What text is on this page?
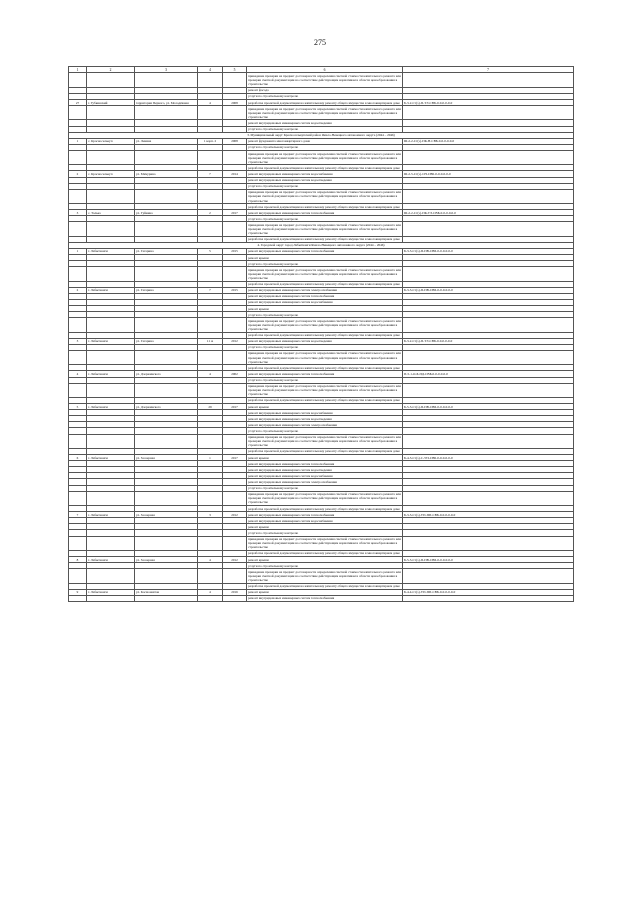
275
1	2	3	4	5	6	7
					приведение проверки на предмет достоверности определения сметной стоимости капитального ремонта или проверки сметной документации на соответствие действующим нормативам в области ценообразования в строительстве	
					ремонт фасада	
					услуги по строительному контролю	
27	г. Губкинский	территория Первого, ул. Молодёжная	4	2008	разработка проектной документации на капитальному ремонту общего имущества в многоквартирном доме	Б-3-2-Ст(э)-П-ТЭ-СВБ-0-0-0-0-0-0
					приведение проверки на предмет достоверности определения сметной стоимости капитального ремонта или проверки сметной документации на соответствие действующим нормативам в области ценообразования в строительстве	
					ремонт внутридомовых инженерных систем водоотведения	
					услуги по строительному контролю	
3. Муниципальный округ Красноселькупский район Ямало-Ненецкого автономного округа (2044 – 2046)						
1	с. Красноселькуп	ул. Ленина	1 корп. 2	2008	ремонт фундамента многоквартирного дома	Ш-2-2-Ст(э)-ПК-Н-СВБ-0-0-0-0-0-0
					услуги по строительному контролю	
					приведение проверки на предмет достоверности определения сметной стоимости капитального ремонта или проверки сметной документации на соответствие действующим нормативам в области ценообразования в строительстве	
					разработка проектной документации на капитальному ремонту общего имущества в многоквартирном доме	
2	с. Красноселькуп	ул. Мичурина	7	2014	ремонт внутридомовых инженерных систем водоснабжения	Ш-2-5-Ст(э)-СН-СВБ-0-0-0-0-0-0
					ремонт внутридомовых инженерных систем водоотведения	
					услуги по строительному контролю	
					приведение проверки на предмет достоверности определения сметной стоимости капитального ремонта или проверки сметной документации на соответствие действующим нормативам в области ценообразования в строительстве	
					разработка проектной документации на капитальному ремонту общего имущества в многоквартирном доме	
3	с. Толька	ул. Гуйкина	2	2017	ремонт внутридомовых инженерных систем теплоснабжения	Ш-2-2-Ст(э)-ПК-ТЭ-СВБ-0-0-0-0-0-0
					услуги по строительному контролю	
					приведение проверки на предмет достоверности определения сметной стоимости капитального ремонта или проверки сметной документации на соответствие действующим нормативам в области ценообразования в строительстве	
					разработка проектной документации на капитальному ремонту общего имущества в многоквартирном доме	
4. Городской округ город Лабытнанги Ямало-Ненецкого автономного округа (2044 – 2046)						
1	г. Лабытнанги	ул. Гагарина	5	2015	ремонт внутридомовых инженерных систем теплоснабжения	Б-3-3-Ст(э)-П-ПВ-СВБ-0-0-0-0-0-0
					ремонт крыши	
					услуги по строительному контролю	
					приведение проверки на предмет достоверности определения сметной стоимости капитального ремонта или проверки сметной документации на соответствие действующим нормативам в области ценообразования в строительстве	
					разработка проектной документации на капитальному ремонту общего имущества в многоквартирном доме	
2	г. Лабытнанги	ул. Гагарина	7	2015	ремонт внутридомовых инженерных систем электроснабжения	Б-3-3-Ст(э)-П-ПВ-СВБ-0-0-0-0-0-0
					ремонт внутридомовых инженерных систем теплоснабжения	
					ремонт внутридомовых инженерных систем водоснабжения	
					ремонт крыши	
					услуги по строительному контролю	
					приведение проверки на предмет достоверности определения сметной стоимости капитального ремонта или проверки сметной документации на соответствие действующим нормативам в области ценообразования в строительстве	
					разработка проектной документации на капитальному ремонту общего имущества в многоквартирном доме	
3	г. Лабытнанги	ул. Гагарина	11 А	2012	ремонт внутридомовых инженерных систем водоотведения	Б-3-2-Ст(э)-П-ТЭ-СВБ-0-0-0-0-0-0
					услуги по строительному контролю	
					приведение проверки на предмет достоверности определения сметной стоимости капитального ремонта или проверки сметной документации на соответствие действующим нормативам в области ценообразования в строительстве	
					разработка проектной документации на капитальному ремонту общего имущества в многоквартирном доме	
4	г. Лабытнанги	ул. Дзержинского	4	2002	ремонт внутридомовых инженерных систем теплоснабжения	П-5-1-О-Б-ПД-СВБ-0-0-0-0-0-0
					услуги по строительному контролю	
					приведение проверки на предмет достоверности определения сметной стоимости капитального ремонта или проверки сметной документации на соответствие действующим нормативам в области ценообразования в строительстве	
					разработка проектной документации на капитальному ремонту общего имущества в многоквартирном доме	
5	г. Лабытнанги	ул. Дзержинского	29	2017	ремонт крыши	Б-5-3-Ст(э)-П-ПВ-СВБ-0-0-0-0-0-0
					ремонт внутридомовых инженерных систем водоснабжения	
					ремонт внутридомовых инженерных систем водоотведения	
					ремонт внутридомовых инженерных систем электроснабжения	
					услуги по строительному контролю	
					приведение проверки на предмет достоверности определения сметной стоимости капитального ремонта или проверки сметной документации на соответствие действующим нормативам в области ценообразования в строительстве	
					разработка проектной документации на капитальному ремонту общего имущества в многоквартирном доме	
6	г. Лабытнанги	ул. Заозерная	1	2017	ремонт крыши	Б-4-3-Ст(э)-С-УП-СВБ-0-0-0-0-0-0
					ремонт внутридомовых инженерных систем теплоснабжения	
					ремонт внутридомовых инженерных систем водоотведения	
					ремонт внутридомовых инженерных систем водоснабжения	
					ремонт внутридомовых инженерных систем электроснабжения	
					услуги по строительному контролю	
					приведение проверки на предмет достоверности определения сметной стоимости капитального ремонта или проверки сметной документации на соответствие действующим нормативам в области ценообразования в строительстве	
					разработка проектной документации на капитальному ремонту общего имущества в многоквартирном доме	
7	г. Лабытнанги	ул. Заозерная	3	2012	ремонт внутридомовых инженерных систем теплоснабжения	Б-3-3-Ст(э)-УП-ПП-СВБ-0-0-0-0-0-0
					ремонт внутридомовых инженерных систем водоснабжения	
					ремонт крыши	
					услуги по строительному контролю	
					приведение проверки на предмет достоверности определения сметной стоимости капитального ремонта или проверки сметной документации на соответствие действующим нормативам в области ценообразования в строительстве	
					разработка проектной документации на капитальному ремонту общего имущества в многоквартирном доме	
8	г. Лабытнанги	ул. Заозерная	4	2012	ремонт крыши	Б-5-3-Ст(э)-П-ПВ-СВБ-0-0-0-0-0-0
					услуги по строительному контролю	
					приведение проверки на предмет достоверности определения сметной стоимости капитального ремонта или проверки сметной документации на соответствие действующим нормативам в области ценообразования в строительстве	
					разработка проектной документации на капитальному ремонту общего имущества в многоквартирном доме	
9	г. Лабытнанги	ул. Космонавтов	4	2016	ремонт крыши	Б-4-4-Ст(э)-УП-ПП-СВБ-0-0-0-0-0-0
					ремонт внутридомовых инженерных систем теплоснабжения	
